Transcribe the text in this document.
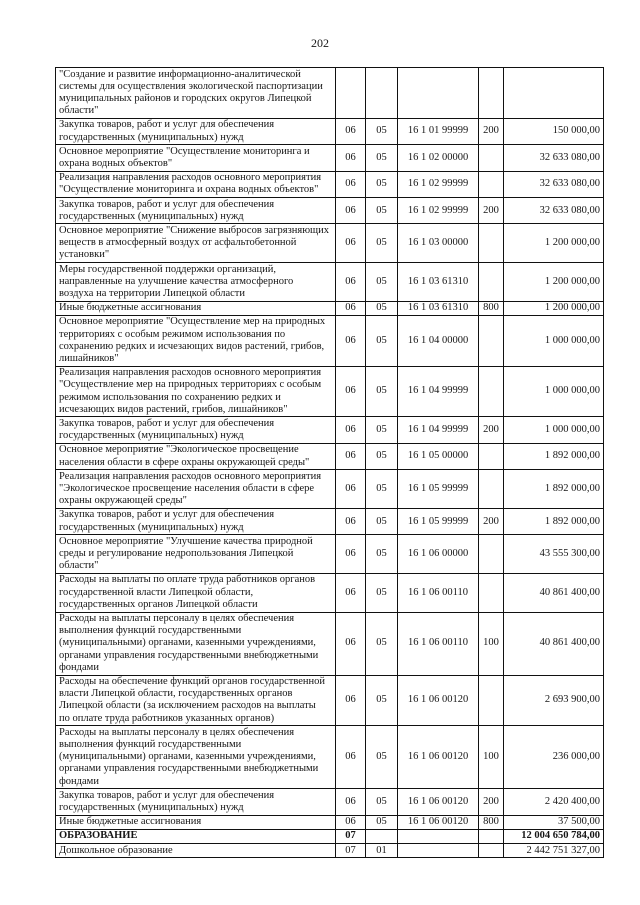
202
"Создание и развитие информационно-аналитической
системы для осуществления экологической паспортизации
муниципальных районов и городских округов Липецкой
области"					
Закупка товаров, работ и услуг для обеспечения
государственных (муниципальных) нужд	06	05	16 1 01 99999	200	150 000,00
Основное мероприятие "Осуществление мониторинга и
охрана водных объектов"	06	05	16 1 02 00000		32 633 080,00
Реализация направления расходов основного мероприятия
"Осуществление мониторинга и охрана водных объектов"	06	05	16 1 02 99999		32 633 080,00
Закупка товаров, работ и услуг для обеспечения
государственных (муниципальных) нужд	06	05	16 1 02 99999	200	32 633 080,00
Основное мероприятие "Снижение выбросов загрязняющих
веществ в атмосферный воздух от асфальтобетонной
установки"	06	05	16 1 03 00000		1 200 000,00
Меры государственной поддержки организаций,
направленные на улучшение качества атмосферного
воздуха на территории Липецкой области	06	05	16 1 03 61310		1 200 000,00
Иные бюджетные ассигнования	06	05	16 1 03 61310	800	1 200 000,00
Основное мероприятие "Осуществление мер на природных
территориях с особым режимом использования по
сохранению редких и исчезающих видов растений, грибов,
лишайников"	06	05	16 1 04 00000		1 000 000,00
Реализация направления расходов основного мероприятия
"Осуществление мер на природных территориях с особым
режимом использования по сохранению редких и
исчезающих видов растений, грибов, лишайников"	06	05	16 1 04 99999		1 000 000,00
Закупка товаров, работ и услуг для обеспечения
государственных (муниципальных) нужд	06	05	16 1 04 99999	200	1 000 000,00
Основное мероприятие "Экологическое просвещение
населения области в сфере охраны окружающей среды"	06	05	16 1 05 00000		1 892 000,00
Реализация направления расходов основного мероприятия
"Экологическое просвещение населения области в сфере
охраны окружающей среды"	06	05	16 1 05 99999		1 892 000,00
Закупка товаров, работ и услуг для обеспечения
государственных (муниципальных) нужд	06	05	16 1 05 99999	200	1 892 000,00
Основное мероприятие "Улучшение качества природной
среды и регулирование недропользования Липецкой
области"	06	05	16 1 06 00000		43 555 300,00
Расходы на выплаты по оплате труда работников органов
государственной власти Липецкой области,
государственных органов Липецкой области	06	05	16 1 06 00110		40 861 400,00
Расходы на выплаты персоналу в целях обеспечения
выполнения функций государственными
(муниципальными) органами, казенными учреждениями,
органами управления государственными внебюджетными
фондами	06	05	16 1 06 00110	100	40 861 400,00
Расходы на обеспечение функций органов государственной
власти Липецкой области, государственных органов
Липецкой области (за исключением расходов на выплаты
по оплате труда работников указанных органов)	06	05	16 1 06 00120		2 693 900,00
Расходы на выплаты персоналу в целях обеспечения
выполнения функций государственными
(муниципальными) органами, казенными учреждениями,
органами управления государственными внебюджетными
фондами	06	05	16 1 06 00120	100	236 000,00
Закупка товаров, работ и услуг для обеспечения
государственных (муниципальных) нужд	06	05	16 1 06 00120	200	2 420 400,00
Иные бюджетные ассигнования	06	05	16 1 06 00120	800	37 500,00
ОБРАЗОВАНИЕ	07				12 004 650 784,00
Дошкольное образование	07	01			2 442 751 327,00
